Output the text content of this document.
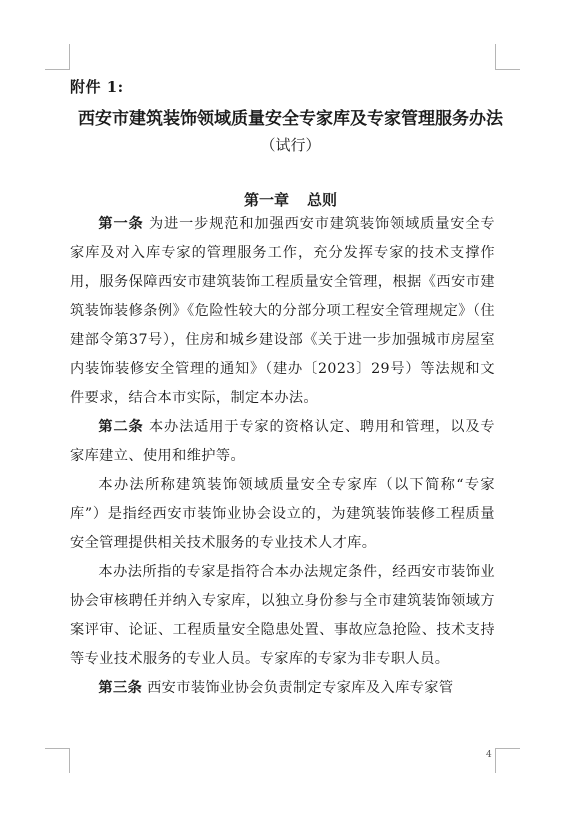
附件 1:
西安市建筑装饰领域质量安全专家库及专家管理服务办法
（试行）
第一章 总则

第一条 为进一步规范和加强西安市建筑装饰领域质量安全专家库及对入库专家的管理服务工作，充分发挥专家的技术支撑作用，服务保障西安市建筑装饰工程质量安全管理，根据《西安市建筑装饰装修条例》《危险性较大的分部分项工程安全管理规定》（住建部令第37号），住房和城乡建设部《关于进一步加强城市房屋室内装饰装修安全管理的通知》（建办〔2023〕29号）等法规和文件要求，结合本市实际，制定本办法。

第二条 本办法适用于专家的资格认定、聘用和管理，以及专家库建立、使用和维护等。

本办法所称建筑装饰领域质量安全专家库（以下简称“专家库”）是指经西安市装饰业协会设立的，为建筑装饰装修工程质量安全管理提供相关技术服务的专业技术人才库。

本办法所指的专家是指符合本办法规定条件，经西安市装饰业协会审核聘任并纳入专家库，以独立身份参与全市建筑装饰领域方案评审、论证、工程质量安全隐患处置、事故应急抢险、技术支持等专业技术服务的专业人员。专家库的专家为非专职人员。

第三条 西安市装饰业协会负责制定专家库及入库专家管

4
